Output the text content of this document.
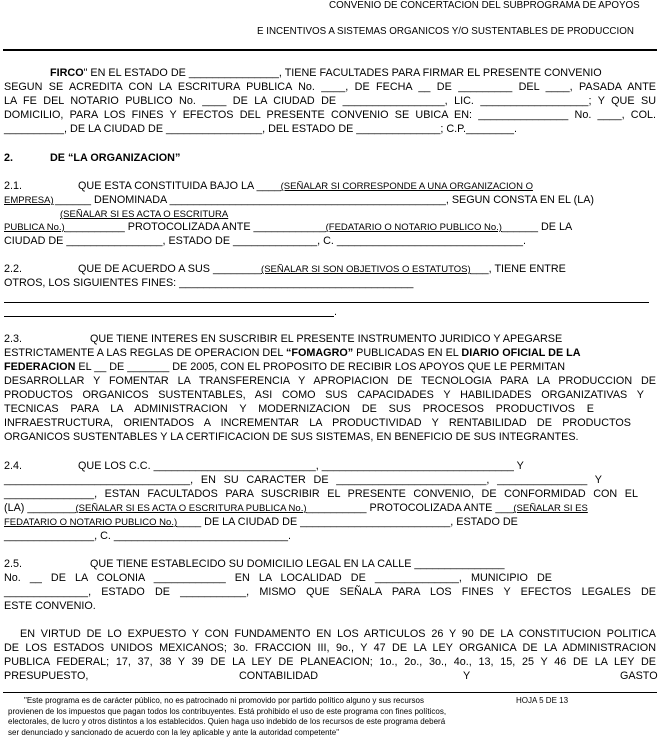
CONVENIO DE CONCERTACION DEL SUBPROGRAMA DE APOYOS
E INCENTIVOS A SISTEMAS ORGANICOS Y/O SUSTENTABLES DE PRODUCCION
FIRCO" EN EL ESTADO DE _______________, TIENE FACULTADES PARA FIRMAR EL PRESENTE CONVENIO
SEGUN SE ACREDITA CON LA ESCRITURA PUBLICA No. ____, DE FECHA __ DE _________ DEL ____, PASADA ANTE
LA FE DEL NOTARIO PUBLICO No. ____ DE LA CIUDAD DE _________________, LIC. __________________; Y QUE SU
DOMICILIO, PARA LOS FINES Y EFECTOS DEL PRESENTE CONVENIO SE UBICA EN: _______________ No. ____, COL.
__________, DE LA CIUDAD DE ________________, DEL ESTADO DE ______________; C.P.________.
2.	DE “LA ORGANIZACION”
2.1.	QUE ESTA CONSTITUIDA BAJO LA ____(SEÑALAR SI CORRESPONDE A UNA ORGANIZACION O
EMPRESA) ______ DENOMINADA ______________________________________________, SEGUN CONSTA EN EL (LA)
(SEÑALAR SI ES ACTA O ESCRITURA
PUBLICA No.)__________ PROTOCOLIZADA ANTE ____________(FEDATARIO O NOTARIO PUBLICO No.)______ DE LA
CIUDAD DE ________________, ESTADO DE ______________, C. _______________________________.
2.2.	QUE DE ACUERDO A SUS ________(SEÑALAR SI SON OBJETIVOS O ESTATUTOS)___, TIENE ENTRE
OTROS, LOS SIGUIENTES FINES: _______________________________________
.
2.3.	QUE TIENE INTERES EN SUSCRIBIR EL PRESENTE INSTRUMENTO JURIDICO Y APEGARSE
ESTRICTAMENTE A LAS REGLAS DE OPERACION DEL “FOMAGRO” PUBLICADAS EN EL DIARIO OFICIAL DE LA
FEDERACION EL __ DE _______ DE 2005, CON EL PROPOSITO DE RECIBIR LOS APOYOS QUE LE PERMITAN
DESARROLLAR Y FOMENTAR LA TRANSFERENCIA Y APROPIACION DE TECNOLOGIA PARA LA PRODUCCION DE
PRODUCTOS ORGANICOS SUSTENTABLES, ASI COMO SUS CAPACIDADES Y HABILIDADES ORGANIZATIVAS Y
TECNICAS PARA LA ADMINISTRACION Y MODERNIZACION DE SUS PROCESOS PRODUCTIVOS E
INFRAESTRUCTURA, ORIENTADOS A INCREMENTAR LA PRODUCTIVIDAD Y RENTABILIDAD DE PRODUCTOS
ORGANICOS SUSTENTABLES Y LA CERTIFICACION DE SUS SISTEMAS, EN BENEFICIO DE SUS INTEGRANTES.
2.4.	QUE LOS C.C. ___________________________, ________________________________ Y
_______________________________, EN SU CARACTER DE _________________________, _______________ Y
_______________, ESTAN FACULTADOS PARA SUSCRIBIR EL PRESENTE CONVENIO, DE CONFORMIDAD CON EL
(LA) ________(SEÑALAR SI ES ACTA O ESCRITURA PUBLICA No.)__________ PROTOCOLIZADA ANTE ___(SEÑALAR SI ES
FEDATARIO O NOTARIO PUBLICO No.)____ DE LA CIUDAD DE _________________________, ESTADO DE
_______________, C. _____________________________.
2.5.	QUE TIENE ESTABLECIDO SU DOMICILIO LEGAL EN LA CALLE _______________
No. __ DE LA COLONIA ____________ EN LA LOCALIDAD DE ______________, MUNICIPIO DE
______________, ESTADO DE ___________, MISMO QUE SEÑALA PARA LOS FINES Y EFECTOS LEGALES DE
ESTE CONVENIO.
EN VIRTUD DE LO EXPUESTO Y CON FUNDAMENTO EN LOS ARTICULOS 26 Y 90 DE LA CONSTITUCION POLITICA
DE LOS ESTADOS UNIDOS MEXICANOS; 3o. FRACCION III, 9o., Y 47 DE LA LEY ORGANICA DE LA ADMINISTRACION
PUBLICA FEDERAL; 17, 37, 38 Y 39 DE LA LEY DE PLANEACION; 1o., 2o., 3o., 4o., 13, 15, 25 Y 46 DE LA LEY DE
PRESUPUESTO,	CONTABILIDAD	Y	GASTO
"Este programa es de carácter público, no es patrocinado ni promovido por partido político alguno y sus recursos
provienen de los impuestos que pagan todos los contribuyentes. Está prohibido el uso de este programa con fines políticos,
electorales, de lucro y otros distintos a los establecidos. Quien haga uso indebido de los recursos de este programa deberá
ser denunciado y sancionado de acuerdo con la ley aplicable y ante la autoridad competente"
HOJA 5 DE 13
